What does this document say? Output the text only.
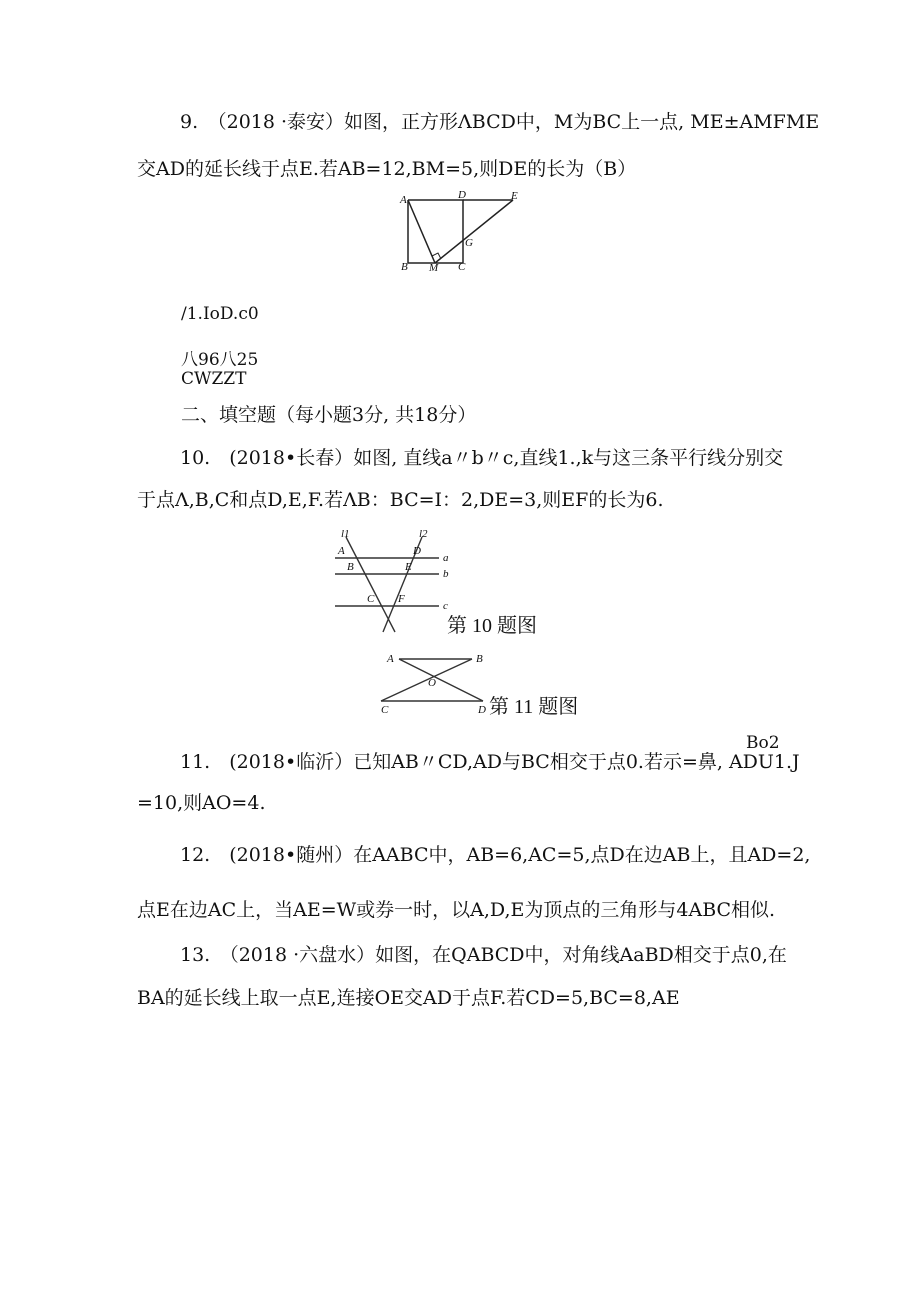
9.　（2018 ·泰安）如图，正方形ΛBCD中，M为BC上一点, ME±AMFME
交AD的延长线于点E.若AB=12,BM=5,则DE的长为（B）
A	D	E
G
B M C
/1.IoD.c0
八96八25
CWZZT
二、填空题（每小题3分, 共18分）
10.　(2018•长春）如图, 直线a〃b〃c,直线1.,k与这三条平行线分别交
于点Λ,B,C和点D,E,F.若ΛB：BC=I：2,DE=3,则EF的长为6.
l1	l2
A	D
a
B	E
b
C F
c
第 10 题图
A	B
O
C	D 第 11 题图
Bo2
11.　(2018•临沂）已知AB〃CD,AD与BC相交于点0.若示=鼻, ADU1.J
=10,则AO=4.
12.　(2018•随州）在AABC中，AB=6,AC=5,点D在边AB上，且AD=2,
点E在边AC上，当AE=W或券一时，以A,D,E为顶点的三角形与4ABC相似.
13.　（2018 ·六盘水）如图，在QABCD中，对角线AaBD相交于点0,在
BA的延长线上取一点E,连接OE交AD于点F.若CD=5,BC=8,AE
